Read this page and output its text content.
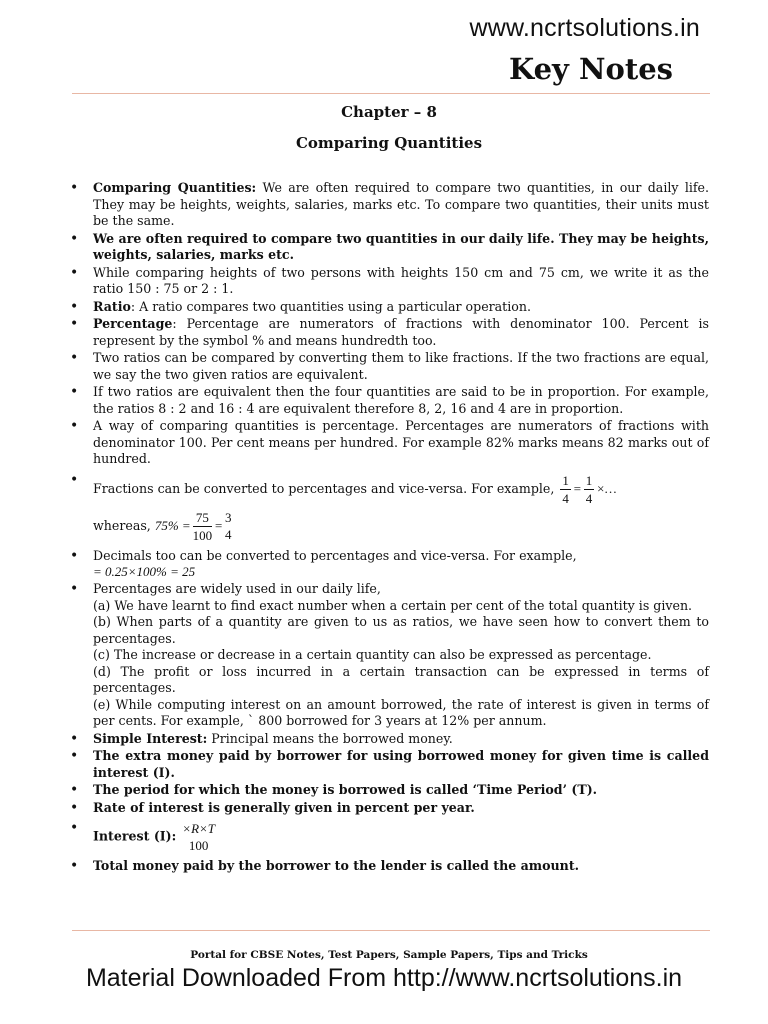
www.ncrtsolutions.in
Key Notes
Chapter – 8
Comparing Quantities
• Comparing Quantities: We are often required to compare two quantities, in our daily life. They may be heights, weights, salaries, marks etc. To compare two quantities, their units must be the same.
• We are often required to compare two quantities in our daily life. They may be heights, weights, salaries, marks etc.
• While comparing heights of two persons with heights 150 cm and 75 cm, we write it as the ratio 150 : 75 or 2 : 1.
• Ratio: A ratio compares two quantities using a particular operation.
• Percentage: Percentage are numerators of fractions with denominator 100. Percent is represent by the symbol % and means hundredth too.
• Two ratios can be compared by converting them to like fractions. If the two fractions are equal, we say the two given ratios are equivalent.
• If two ratios are equivalent then the four quantities are said to be in proportion. For example, the ratios 8 : 2 and 16 : 4 are equivalent therefore 8, 2, 16 and 4 are in proportion.
• A way of comparing quantities is percentage. Percentages are numerators of fractions with denominator 100. Per cent means per hundred. For example 82% marks means 82 marks out of hundred.
• Fractions can be converted to percentages and vice-versa. For example, $\frac{1}{4} = \frac{1}{4}$ ×…
whereas, $75\% = \frac{75}{100} = 3$
4
• Decimals too can be converted to percentages and vice-versa. For example,
= 0.25×100% = 25
• Percentages are widely used in our daily life,
(a) We have learnt to find exact number when a certain per cent of the total quantity is given.
(b) When parts of a quantity are given to us as ratios, we have seen how to convert them to percentages.
(c) The increase or decrease in a certain quantity can also be expressed as percentage.
(d) The profit or loss incurred in a certain transaction can be expressed in terms of percentages.
(e) While computing interest on an amount borrowed, the rate of interest is given in terms of per cents. For example, ` 800 borrowed for 3 years at 12% per annum.
• Simple Interest: Principal means the borrowed money.
• The extra money paid by borrower for using borrowed money for given time is called interest (I).
• The period for which the money is borrowed is called ‘Time Period’ (T).
• Rate of interest is generally given in percent per year.
• Interest (I): ×R×T
100
• Total money paid by the borrower to the lender is called the amount.
Portal for CBSE Notes, Test Papers, Sample Papers, Tips and Tricks
Material Downloaded From http://www.ncrtsolutions.in
